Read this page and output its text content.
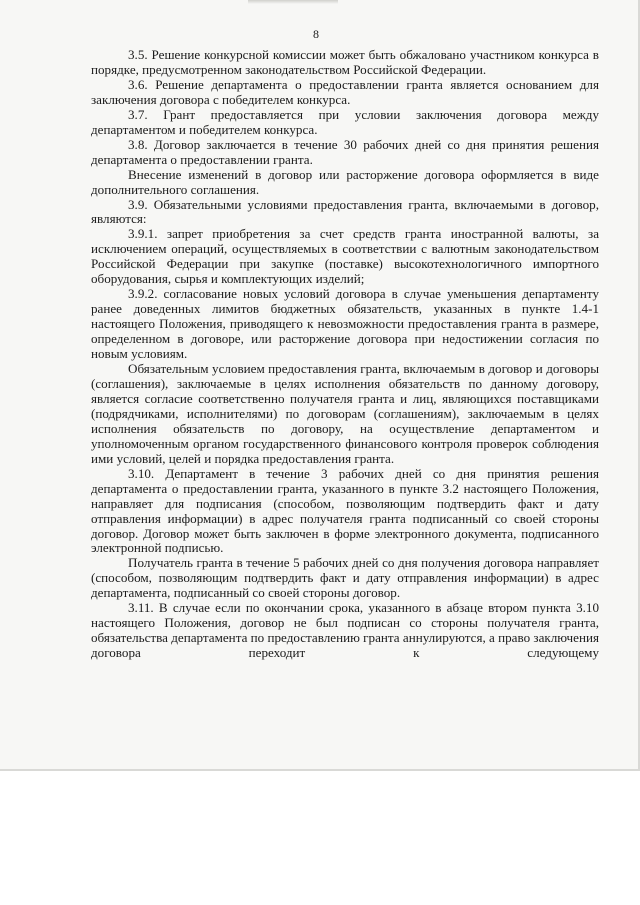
8

3.5. Решение конкурсной комиссии может быть обжаловано участником конкурса в порядке, предусмотренном законодательством Российской Федерации.

3.6. Решение департамента о предоставлении гранта является основанием для заключения договора с победителем конкурса.

3.7. Грант предоставляется при условии заключения договора между департаментом и победителем конкурса.

3.8. Договор заключается в течение 30 рабочих дней со дня принятия решения департамента о предоставлении гранта.

Внесение изменений в договор или расторжение договора оформляется в виде дополнительного соглашения.

3.9. Обязательными условиями предоставления гранта, включаемыми в договор, являются:

3.9.1. запрет приобретения за счет средств гранта иностранной валюты, за исключением операций, осуществляемых в соответствии с валютным законодательством Российской Федерации при закупке (поставке) высокотехнологичного импортного оборудования, сырья и комплектующих изделий;

3.9.2. согласование новых условий договора в случае уменьшения департаменту ранее доведенных лимитов бюджетных обязательств, указанных в пункте 1.4-1 настоящего Положения, приводящего к невозможности предоставления гранта в размере, определенном в договоре, или расторжение договора при недостижении согласия по новым условиям.

Обязательным условием предоставления гранта, включаемым в договор и договоры (соглашения), заключаемые в целях исполнения обязательств по данному договору, является согласие соответственно получателя гранта и лиц, являющихся поставщиками (подрядчиками, исполнителями) по договорам (соглашениям), заключаемым в целях исполнения обязательств по договору, на осуществление департаментом и уполномоченным органом государственного финансового контроля проверок соблюдения ими условий, целей и порядка предоставления гранта.

3.10. Департамент в течение 3 рабочих дней со дня принятия решения департамента о предоставлении гранта, указанного в пункте 3.2 настоящего Положения, направляет для подписания (способом, позволяющим подтвердить факт и дату отправления информации) в адрес получателя гранта подписанный со своей стороны договор. Договор может быть заключен в форме электронного документа, подписанного электронной подписью.

Получатель гранта в течение 5 рабочих дней со дня получения договора направляет (способом, позволяющим подтвердить факт и дату отправления информации) в адрес департамента, подписанный со своей стороны договор.

3.11. В случае если по окончании срока, указанного в абзаце втором пункта 3.10 настоящего Положения, договор не был подписан со стороны получателя гранта, обязательства департамента по предоставлению гранта аннулируются, а право заключения договора переходит к следующему
